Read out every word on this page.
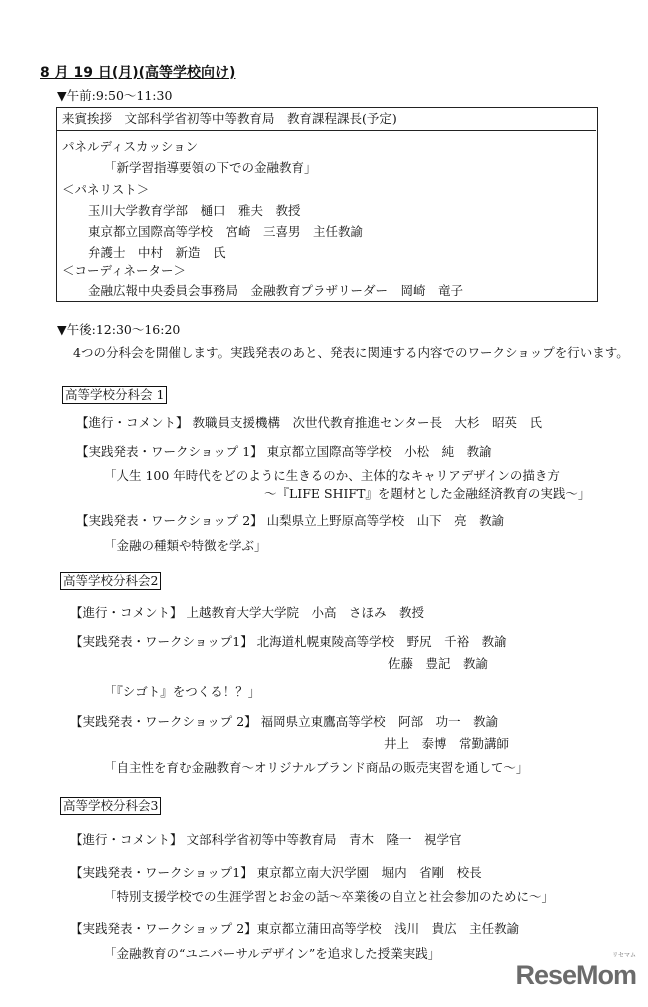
8 月 19 日(月)(高等学校向け)
▼午前:9:50～11:30
来賓挨拶　文部科学省初等中等教育局　教育課程課長(予定)
パネルディスカッション
「新学習指導要領の下での金融教育」
＜パネリスト＞
玉川大学教育学部　樋口　雅夫　教授
東京都立国際高等学校　宮崎　三喜男　主任教諭
弁護士　中村　新造　氏
＜コーディネーター＞
金融広報中央委員会事務局　金融教育プラザリーダー　岡崎　竜子
▼午後:12:30～16:20
4つの分科会を開催します。実践発表のあと、発表に関連する内容でのワークショップを行います。
高等学校分科会 1
【進行・コメント】 教職員支援機構　次世代教育推進センター長　大杉　昭英　氏
【実践発表・ワークショップ 1】 東京都立国際高等学校　小松　純　教諭
「人生 100 年時代をどのように生きるのか、主体的なキャリアデザインの描き方
～『LIFE SHIFT』を題材とした金融経済教育の実践～」
【実践発表・ワークショップ 2】 山梨県立上野原高等学校　山下　亮　教諭
「金融の種類や特徴を学ぶ」
高等学校分科会2
【進行・コメント】 上越教育大学大学院　小高　さほみ　教授
【実践発表・ワークショップ1】 北海道札幌東陵高等学校　野尻　千裕　教諭
佐藤　豊記　教諭
「『シゴト』をつくる！？」
【実践発表・ワークショップ 2】 福岡県立東鷹高等学校　阿部　功一　教諭
井上　泰博　常勤講師
「自主性を育む金融教育～オリジナルブランド商品の販売実習を通して～」
高等学校分科会3
【進行・コメント】 文部科学省初等中等教育局　青木　隆一　視学官
【実践発表・ワークショップ1】 東京都立南大沢学園　堀内　省剛　校長
「特別支援学校での生涯学習とお金の話～卒業後の自立と社会参加のために～」
【実践発表・ワークショップ 2】東京都立蒲田高等学校　浅川　貴広　主任教諭
「金融教育の“ユニバーサルデザイン”を追求した授業実践」	リセマム
ReseMom
